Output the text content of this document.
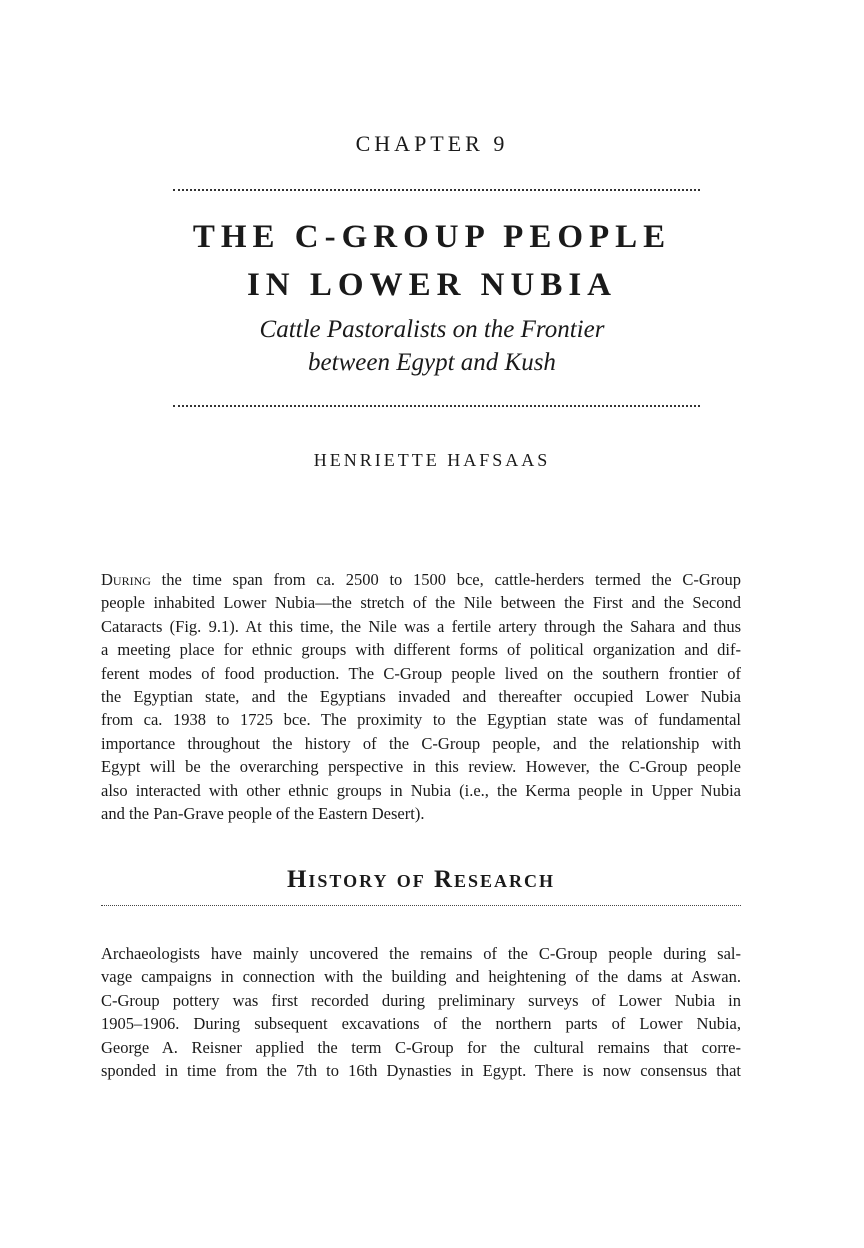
CHAPTER 9
THE C-GROUP PEOPLE
IN LOWER NUBIA
Cattle Pastoralists on the Frontier
between Egypt and Kush
HENRIETTE HAFSAAS
During the time span from ca. 2500 to 1500 bce, cattle-herders termed the C-Group
people inhabited Lower Nubia—the stretch of the Nile between the First and the Second
Cataracts (Fig. 9.1). At this time, the Nile was a fertile artery through the Sahara and thus
a meeting place for ethnic groups with different forms of political organization and dif-
ferent modes of food production. The C-Group people lived on the southern frontier of
the Egyptian state, and the Egyptians invaded and thereafter occupied Lower Nubia
from ca. 1938 to 1725 bce. The proximity to the Egyptian state was of fundamental
importance throughout the history of the C-Group people, and the relationship with
Egypt will be the overarching perspective in this review. However, the C-Group people
also interacted with other ethnic groups in Nubia (i.e., the Kerma people in Upper Nubia
and the Pan-Grave people of the Eastern Desert).
History of Research
Archaeologists have mainly uncovered the remains of the C-Group people during sal-
vage campaigns in connection with the building and heightening of the dams at Aswan.
C-Group pottery was first recorded during preliminary surveys of Lower Nubia in
1905–1906. During subsequent excavations of the northern parts of Lower Nubia,
George A. Reisner applied the term C-Group for the cultural remains that corre-
sponded in time from the 7th to 16th Dynasties in Egypt. There is now consensus that
